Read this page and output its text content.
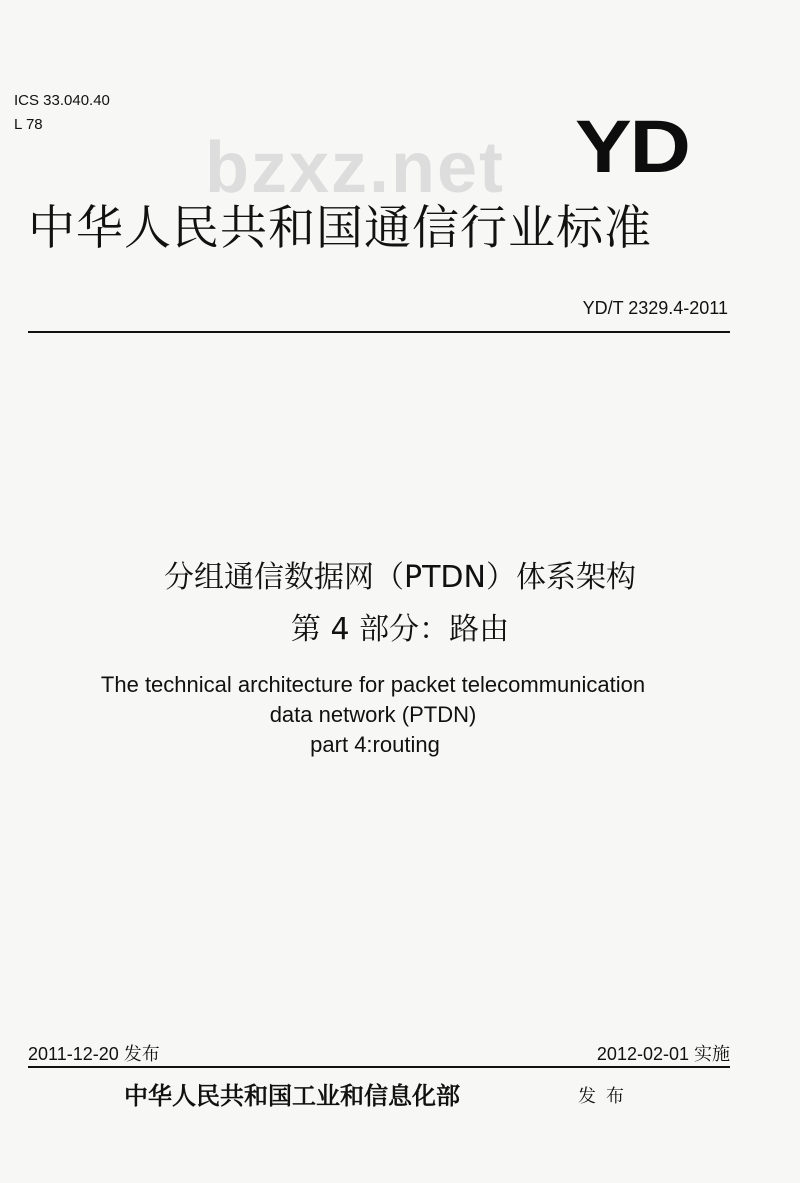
ICS 33.040.40
L 78
bzxz.net YD
中华人民共和国通信行业标准
YD/T 2329.4-2011
分组通信数据网（PTDN）体系架构
第 4 部分：路由
The technical architecture for packet telecommunication
data network (PTDN)
part 4:routing
2011-12-20 发布	2012-02-01 实施
中华人民共和国工业和信息化部	发布
